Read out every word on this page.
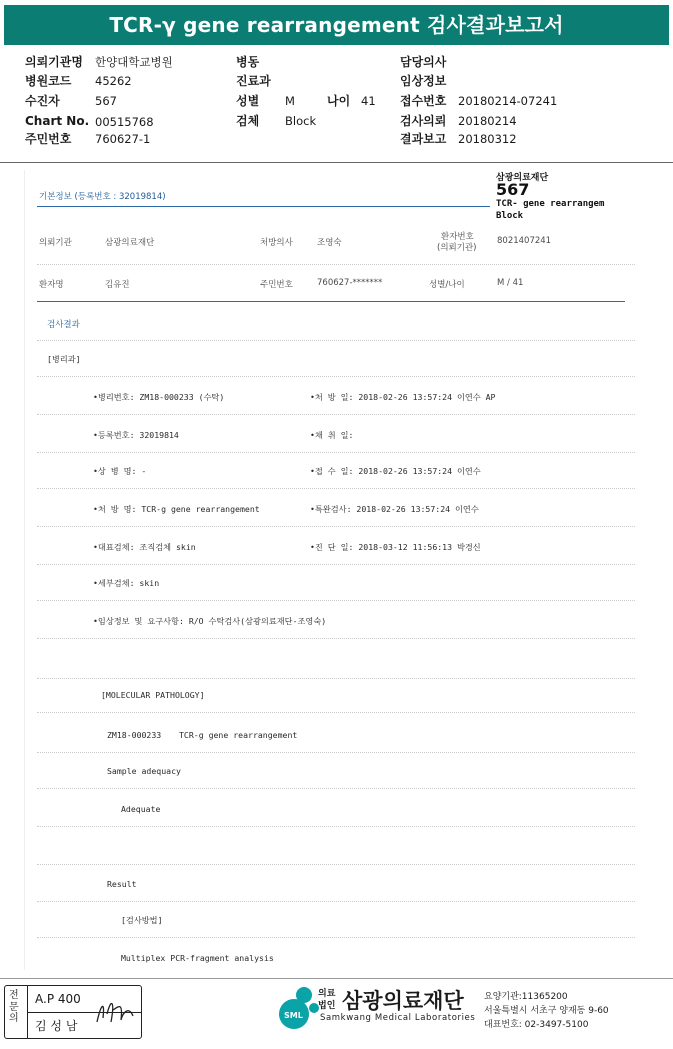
TCR-γ gene rearrangement 검사결과보고서
의뢰기관명 한양대학교병원
병원코드 45262
수진자	567
Chart No. 00515768
주민번호 760627-1
병동
진료과
성별 M	나이 41
검체 Block
담당의사
임상정보
접수번호 20180214-07241
검사의뢰 20180214
결과보고 20180312
기본정보 (등록번호 : 32019814)
의뢰기관	삼광의료재단	처방의사	조영숙
환자번호
(의뢰기관)
8021407241
환자명	김유진	주민번호	760627-*******	성별/나이	M / 41
검사결과
[병리과]
•병리번호: ZM18-000233 (수탁)	•처 방 일: 2018-02-26 13:57:24 이연수 AP
•등록번호: 32019814	•채 취 일:
•상 병 명: -	•접 수 일: 2018-02-26 13:57:24 이연수
•처 방 명: TCR-g gene rearrangement	•특완검사: 2018-02-26 13:57:24 이연수
•대표검체: 조직검체 skin	•진 단 일: 2018-03-12 11:56:13 박경신
•세부검체: skin
•임상정보 및 요구사항: R/O 수탁검사(삼광의료재단-조영숙)
[MOLECULAR PATHOLOGY]
ZM18-000233 TCR-g gene rearrangement
Sample adequacy
Adequate
Result
[검사방법]
Multiplex PCR-fragment analysis
삼광의료재단
567
TCR- gene rearrangem
Block
전문의
A.P 400
김 성 남
SML
의료
법인 삼광의료재단
Samkwang Medical Laboratories
요양기관:11365200
서울특별시 서초구 양재동 9-60
대표번호: 02-3497-5100
